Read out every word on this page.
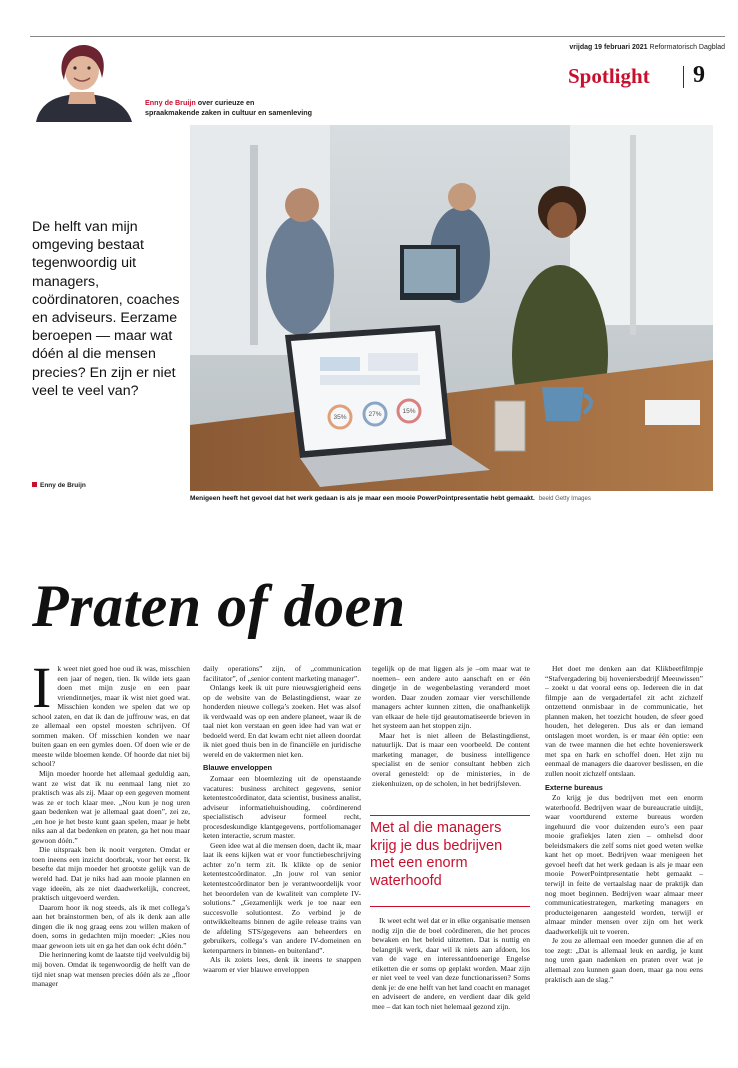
vrijdag 19 februari 2021 Reformatorisch Dagblad
Spotlight 9
Enny de Bruijn over curieuze en
spraakmakende zaken in cultuur en samenleving
35%	27%	15%
De helft van mijn omgeving bestaat tegenwoordig uit managers, coördinatoren, coaches en adviseurs. Eerzame beroepen — maar wat dóén al die mensen precies? En zijn er niet veel te veel van?
Enny de Bruijn
Menigeen heeft het gevoel dat het werk gedaan is als je maar een mooie PowerPointpresentatie hebt gemaakt. beeld Getty Images
Praten of doen
I k weet niet goed hoe oud ik was, misschien een jaar of negen, tien. Ik wilde iets gaan doen met mijn zusje en een paar vriendinnetjes, maar ik wist niet goed wat. Misschien konden we spelen dat we op school zaten, en dat ik dan de juffrouw was, en dat ze allemaal een opstel moesten schrijven. Of sommen maken. Of misschien konden we naar buiten gaan en een gymles doen. Of doen wie er de meeste wilde bloemen kende. Of hoorde dat niet bij school?

Mijn moeder hoorde het allemaal geduldig aan, want ze wist dat ik nu eenmaal lang niet zo praktisch was als zij. Maar op een gegeven moment was ze er toch klaar mee. „Nou kun je nog uren gaan bedenken wat je allemaal gaat doen”, zei ze, „en hoe je het beste kunt gaan spelen, maar je hebt niks aan al dat bedenken en praten, ga het nou maar gewoon dóén.”

Die uitspraak ben ik nooit vergeten. Omdat er toen ineens een inzicht doorbrak, voor het eerst. Ik besefte dat mijn moeder het grootste gelijk van de wereld had. Dat je niks had aan mooie plannen en vage ideeën, als ze niet daadwerkelijk, concreet, praktisch uitgevoerd werden.

Daarom hoor ik nog steeds, als ik met collega’s aan het brainstormen ben, of als ik denk aan alle dingen die ik nog graag eens zou willen maken of doen, soms in gedachten mijn moeder: „Kies nou maar gewoon iets uit en ga het dan ook écht dóén.”

Die herinnering komt de laatste tijd veelvuldig bij mij boven. Omdat ik tegenwoordig de helft van de tijd niet snap wat mensen precies dóén als ze „floor manager

daily operations” zijn, of „communication facilitator”, of „senior content marketing manager”.

Onlangs keek ik uit pure nieuwsgierigheid eens op de website van de Belastingdienst, waar ze honderden nieuwe collega’s zoeken. Het was alsof ik verdwaald was op een andere planeet, waar ik de taal niet kon verstaan en geen idee had van wat er bedoeld werd. En dat kwam echt niet alleen doordat ik niet goed thuis ben in de financiële en juridische wereld en de vaktermen niet ken.

Blauwe enveloppen

Zomaar een bloemlezing uit de openstaande vacatures: business architect gegevens, senior ketentestcoördinator, data scientist, business analist, adviseur informatiehuishouding, coördinerend specialistisch adviseur formeel recht, procesdeskundige klantgegevens, portfoliomanager keten interactie, scrum master.

Geen idee wat al die mensen doen, dacht ik, maar laat ik eens kijken wat er voor functiebeschrijving achter zo’n term zit. Ik klikte op de senior ketentestcoördinator. „In jouw rol van senior ketentestcoördinator ben je verantwoordelijk voor het beoordelen van de kwaliteit van complete IV-solutions.” „Gezamenlijk werk je toe naar een succesvolle solutiontest. Zo verbind je de ontwikkelteams binnen de agile release trains van de afdeling STS/gegevens aan beheerders en gebruikers, collega’s van andere IV-domeinen en ketenpartners in binnen- en buitenland”.

Als ik zoiets lees, denk ik ineens te snappen waarom er vier blauwe enveloppen

tegelijk op de mat liggen als je –om maar wat te noemen– een andere auto aanschaft en er één dingetje in de wegenbelasting veranderd moet worden. Daar zouden zomaar vier verschillende managers achter kunnen zitten, die onafhankelijk van elkaar de hele tijd geautomatiseerde brieven in het systeem aan het stoppen zijn.

Maar het is niet alleen de Belastingdienst, natuurlijk. Dat is maar een voorbeeld. De content marketing manager, de business intelligence specialist en de senior consultant hebben zich overal genesteld: op de ministeries, in de ziekenhuizen, op de scholen, in het bedrijfsleven.

Met al die managers krijg je dus bedrijven met een enorm waterhoofd

Ik weet echt wel dat er in elke organisatie mensen nodig zijn die de boel coördineren, die het proces bewaken en het beleid uitzetten. Dat is nuttig en belangrijk werk, daar wil ik niets aan afdoen, los van de vage en interessantdoenerige Engelse etiketten die er soms op geplakt worden. Maar zijn er niet veel te veel van deze functionarissen? Soms denk je: de ene helft van het land coacht en managet en adviseert de andere, en verdient daar dik geld mee – dat kan toch niet helemaal gezond zijn.

Het doet me denken aan dat Klikbeetfilmpje “Stafvergadering bij hoveniersbedrijf Meeuwissen” – zoekt u dat vooral eens op. Iedereen die in dat filmpje aan de vergadertafel zit acht zichzelf ontzettend onmisbaar in de communicatie, het plannen maken, het toezicht houden, de sfeer goed houden, het delegeren. Dus als er dan iemand ontslagen moet worden, is er maar één optie: een van de twee mannen die het echte hovenierswerk met spa en hark en schoffel doen. Het zijn nu eenmaal de managers die daarover beslissen, en die zullen nooit zichzelf ontslaan.

Externe bureaus

Zo krijg je dus bedrijven met een enorm waterhoofd. Bedrijven waar de bureaucratie uitdijt, waar voortdurend externe bureaus worden ingehuurd die voor duizenden euro’s een paar mooie grafiekjes laten zien – omhelsd door beleidsmakers die zelf soms niet goed weten welke kant het op moet. Bedrijven waar menigeen het gevoel heeft dat het werk gedaan is als je maar een mooie PowerPointpresentatie hebt gemaakt – terwijl in feite de vertaalslag naar de praktijk dan nog moet beginnen. Bedrijven waar almaar meer communicatiestrategen, marketing managers en producteigenaren aangesteld worden, terwijl er almaar minder mensen over zijn om het werk daadwerkelijk uit te voeren.

Je zou ze allemaal een moeder gunnen die af en toe zegt: „Dat is allemaal leuk en aardig, je kunt nog uren gaan nadenken en praten over wat je allemaal zou kunnen gaan doen, maar ga nou eens praktisch aan de slag.”
